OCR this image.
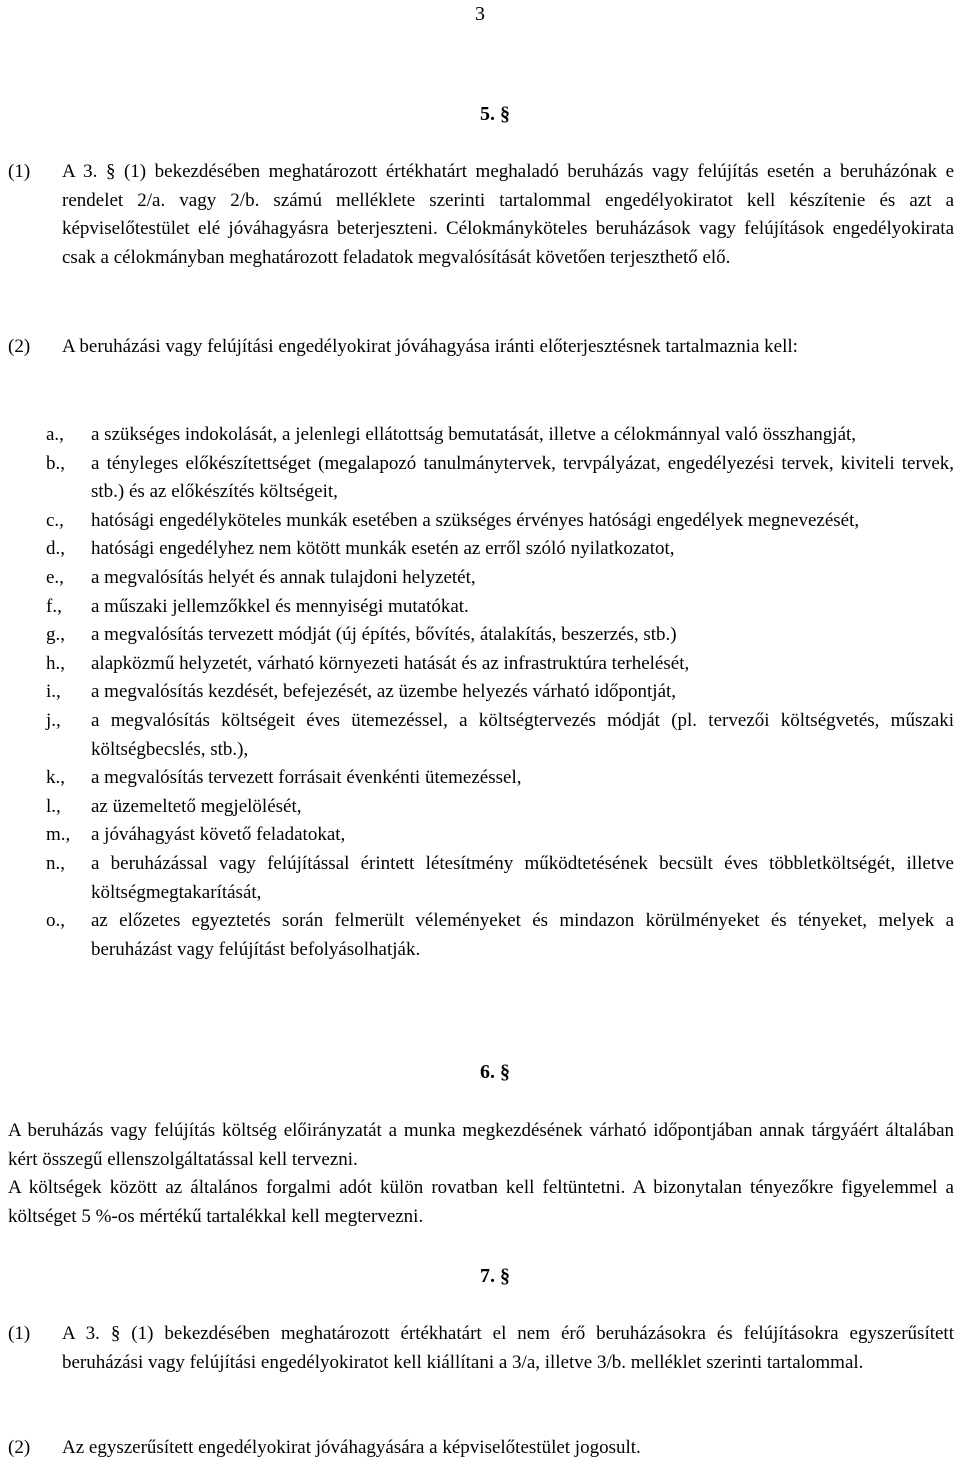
3
5. §
(1)	A 3. § (1) bekezdésében meghatározott értékhatárt meghaladó beruházás vagy felújítás esetén a beruházónak e rendelet 2/a. vagy 2/b. számú melléklete szerinti tartalommal engedélyokiratot kell készítenie és azt a képviselőtestület elé jóváhagyásra beterjeszteni. Célokmányköteles beruházások vagy felújítások engedélyokirata csak a célokmányban meghatározott feladatok megvalósítását követően terjeszthető elő.
(2) A beruházási vagy felújítási engedélyokirat jóváhagyása iránti előterjesztésnek tartalmaznia kell:
a., a szükséges indokolását, a jelenlegi ellátottság bemutatását, illetve a célokmánnyal való összhangját,
b., a tényleges előkészítettséget (megalapozó tanulmánytervek, tervpályázat, engedélyezési tervek, kiviteli tervek, stb.) és az előkészítés költségeit,
c., hatósági engedélyköteles munkák esetében a szükséges érvényes hatósági engedélyek megnevezését,
d., hatósági engedélyhez nem kötött munkák esetén az erről szóló nyilatkozatot,
e., a megvalósítás helyét és annak tulajdoni helyzetét,
f., a műszaki jellemzőkkel és mennyiségi mutatókat.
g., a megvalósítás tervezett módját (új építés, bővítés, átalakítás, beszerzés, stb.)
h., alapközmű helyzetét, várható környezeti hatását és az infrastruktúra terhelését,
i., a megvalósítás kezdését, befejezését, az üzembe helyezés várható időpontját,
j., a megvalósítás költségeit éves ütemezéssel, a költségtervezés módját (pl. tervezői költségvetés, műszaki költségbecslés, stb.),
k., a megvalósítás tervezett forrásait évenkénti ütemezéssel,
l., az üzemeltető megjelölését,
m., a jóváhagyást követő feladatokat,
n., a beruházással vagy felújítással érintett létesítmény működtetésének becsült éves többletköltségét, illetve költségmegtakarítását,
o., az előzetes egyeztetés során felmerült véleményeket és mindazon körülményeket és tényeket, melyek a beruházást vagy felújítást befolyásolhatják.
6. §
A beruházás vagy felújítás költség előirányzatát a munka megkezdésének várható időpontjában annak tárgyáért általában kért összegű ellenszolgáltatással kell tervezni.
A költségek között az általános forgalmi adót külön rovatban kell feltüntetni. A bizonytalan tényezőkre figyelemmel a költséget 5 %-os mértékű tartalékkal kell megtervezni.
7. §
(1) A 3. § (1) bekezdésében meghatározott értékhatárt el nem érő beruházásokra és felújításokra egyszerűsített beruházási vagy felújítási engedélyokiratot kell kiállítani a 3/a, illetve 3/b. melléklet szerinti tartalommal.
(2) Az egyszerűsített engedélyokirat jóváhagyására a képviselőtestület jogosult.
